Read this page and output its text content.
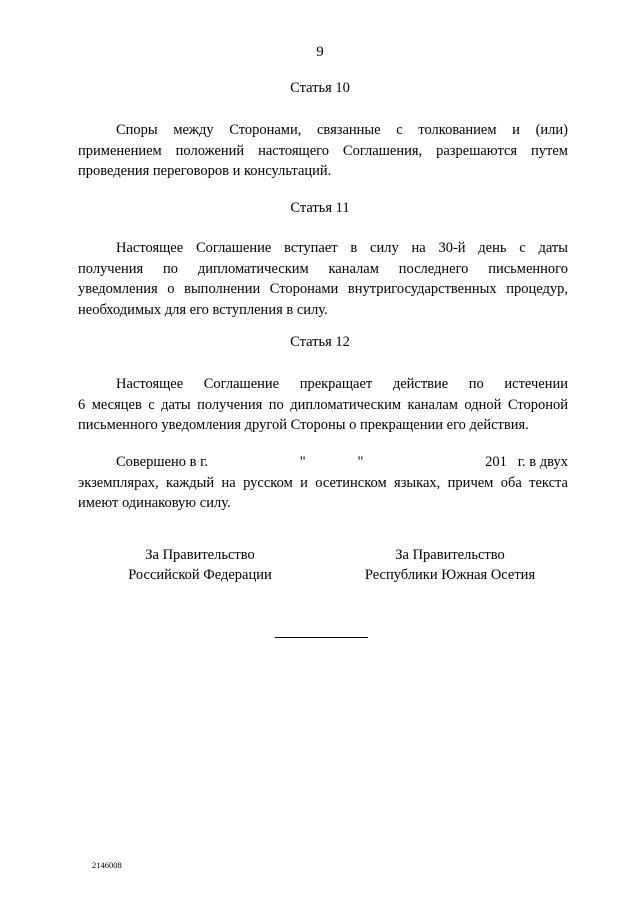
9
Статья 10

Споры между Сторонами, связанные с толкованием и (или)
применением положений настоящего Соглашения, разрешаются путем
проведения переговоров и консультаций.

Статья 11

Настоящее Соглашение вступает в силу на 30-й день с даты
получения по дипломатическим каналам последнего письменного
уведомления о выполнении Сторонами внутригосударственных процедур,
необходимых для его вступления в силу.

Статья 12

Настоящее Соглашение прекращает действие по истечении
6 месяцев с даты получения по дипломатическим каналам одной Стороной
письменного уведомления другой Стороны о прекращении его действия.

Совершено в г.	"	"	201   г. в двух
экземплярах, каждый на русском и осетинском языках, причем оба текста
имеют одинаковую силу.
За Правительство
Российской Федерации
За Правительство
Республики Южная Осетия
2146008
